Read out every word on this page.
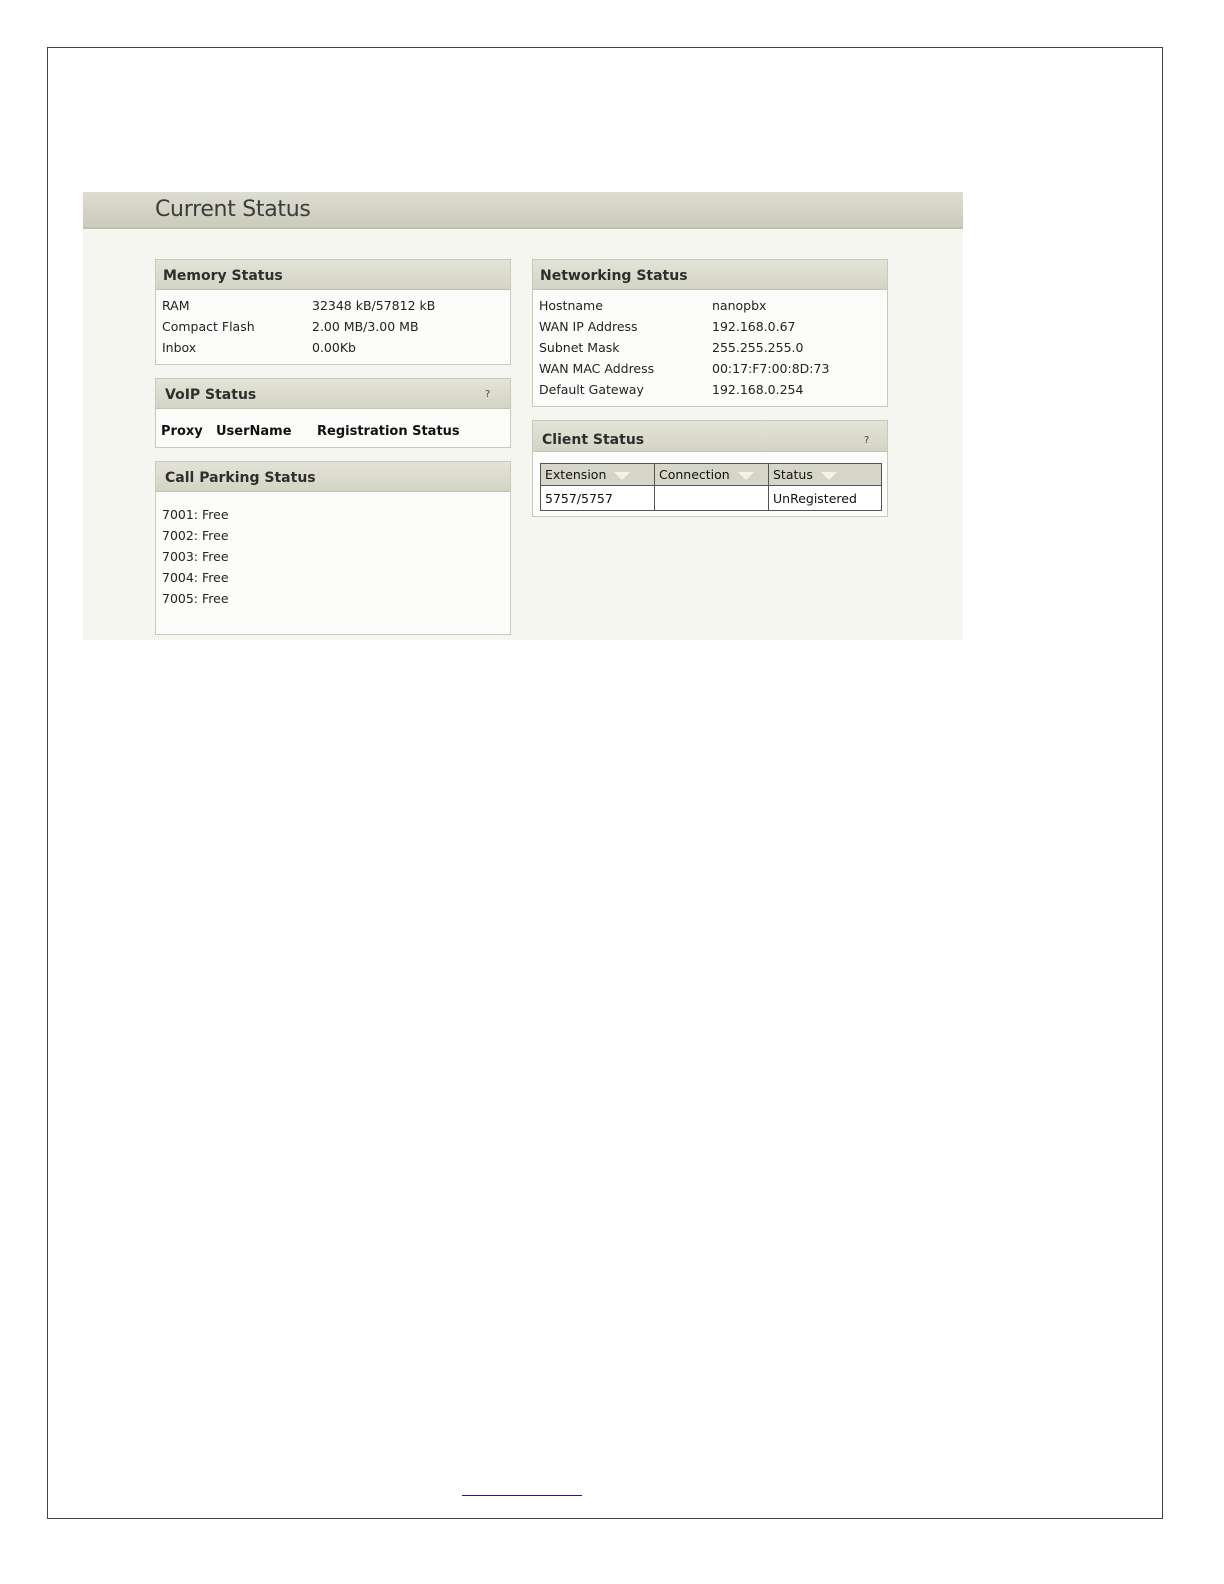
Current Status
Memory Status
RAM	32348 kB/57812 kB
Compact Flash	2.00 MB/3.00 MB
Inbox	0.00Kb
VoIP Status	?
Proxy UserName Registration Status
Call Parking Status
7001: Free
7002: Free
7003: Free
7004: Free
7005: Free
Networking Status
Hostname	nanopbx
WAN IP Address	192.168.0.67
Subnet Mask	255.255.255.0
WAN MAC Address	00:17:F7:00:8D:73
Default Gateway	192.168.0.254
Client Status	?
Extension	Connection	Status
5757/5757		UnRegistered
